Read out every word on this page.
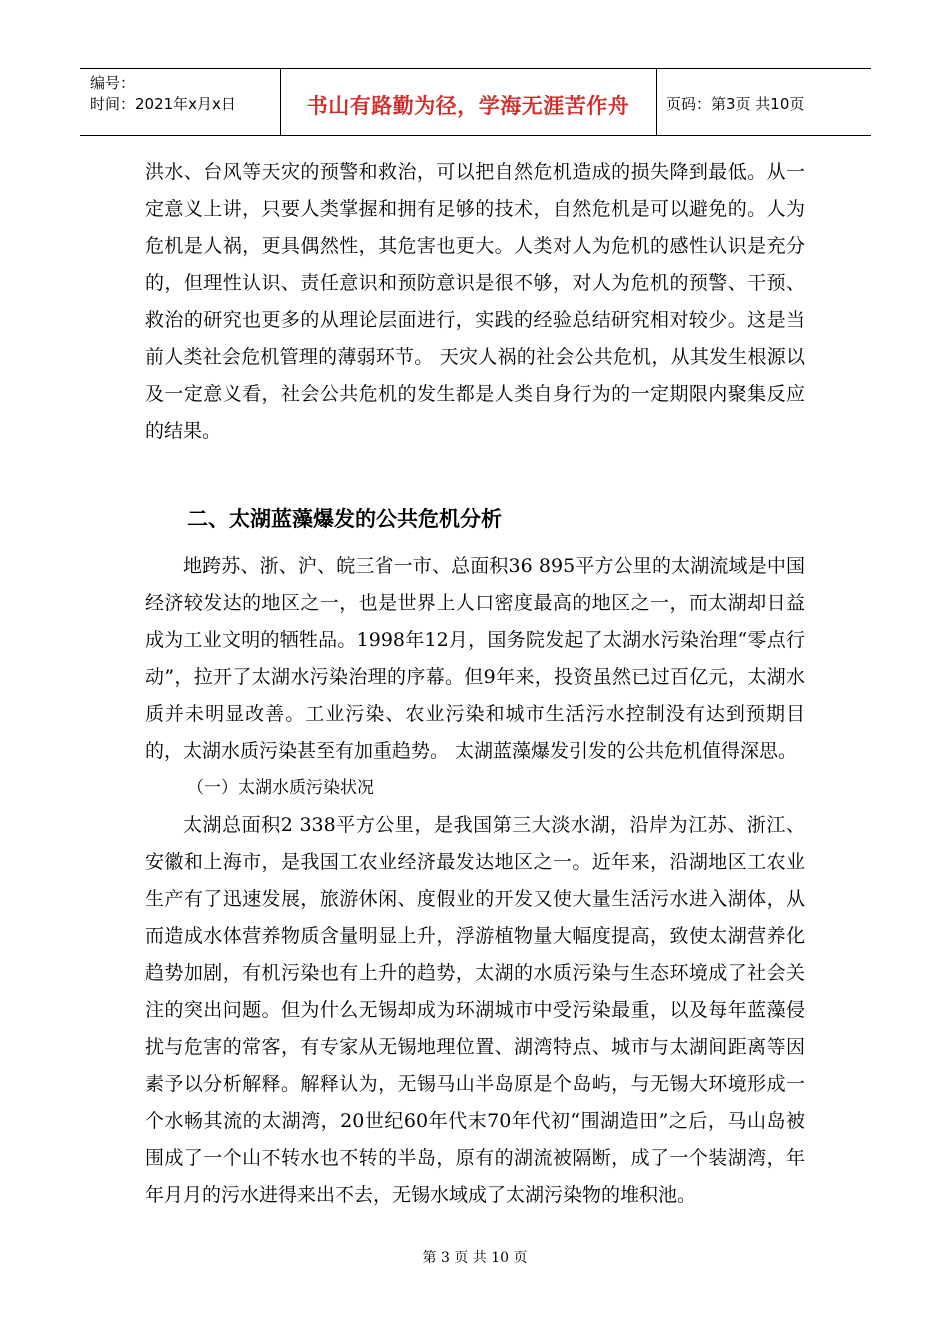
编号：
时间：2021年x月x日	书山有路勤为径，学海无涯苦作舟	页码：第3页 共10页

洪水、台风等天灾的预警和救治，可以把自然危机造成的损失降到最低。从一定意义上讲，只要人类掌握和拥有足够的技术，自然危机是可以避免的。人为危机是人祸，更具偶然性，其危害也更大。人类对人为危机的感性认识是充分的，但理性认识、责任意识和预防意识是很不够，对人为危机的预警、干预、救治的研究也更多的从理论层面进行，实践的经验总结研究相对较少。这是当前人类社会危机管理的薄弱环节。 天灾人祸的社会公共危机，从其发生根源以及一定意义看，社会公共危机的发生都是人类自身行为的一定期限内聚集反应的结果。

二、太湖蓝藻爆发的公共危机分析

地跨苏、浙、沪、皖三省一市、总面积36 895平方公里的太湖流域是中国经济较发达的地区之一，也是世界上人口密度最高的地区之一，而太湖却日益成为工业文明的牺牲品。1998年12月，国务院发起了太湖水污染治理“零点行动”，拉开了太湖水污染治理的序幕。但9年来，投资虽然已过百亿元，太湖水质并未明显改善。工业污染、农业污染和城市生活污水控制没有达到预期目的，太湖水质污染甚至有加重趋势。 太湖蓝藻爆发引发的公共危机值得深思。

（一）太湖水质污染状况

太湖总面积2 338平方公里，是我国第三大淡水湖，沿岸为江苏、浙江、安徽和上海市，是我国工农业经济最发达地区之一。近年来，沿湖地区工农业生产有了迅速发展，旅游休闲、度假业的开发又使大量生活污水进入湖体，从而造成水体营养物质含量明显上升，浮游植物量大幅度提高，致使太湖营养化趋势加剧，有机污染也有上升的趋势，太湖的水质污染与生态环境成了社会关注的突出问题。但为什么无锡却成为环湖城市中受污染最重，以及每年蓝藻侵扰与危害的常客，有专家从无锡地理位置、湖湾特点、城市与太湖间距离等因素予以分析解释。解释认为，无锡马山半岛原是个岛屿，与无锡大环境形成一个水畅其流的太湖湾，20世纪60年代末70年代初“围湖造田”之后，马山岛被围成了一个山不转水也不转的半岛，原有的湖流被隔断，成了一个装湖湾，年年月月的污水进得来出不去，无锡水域成了太湖污染物的堆积池。

第 3 页 共 10 页
